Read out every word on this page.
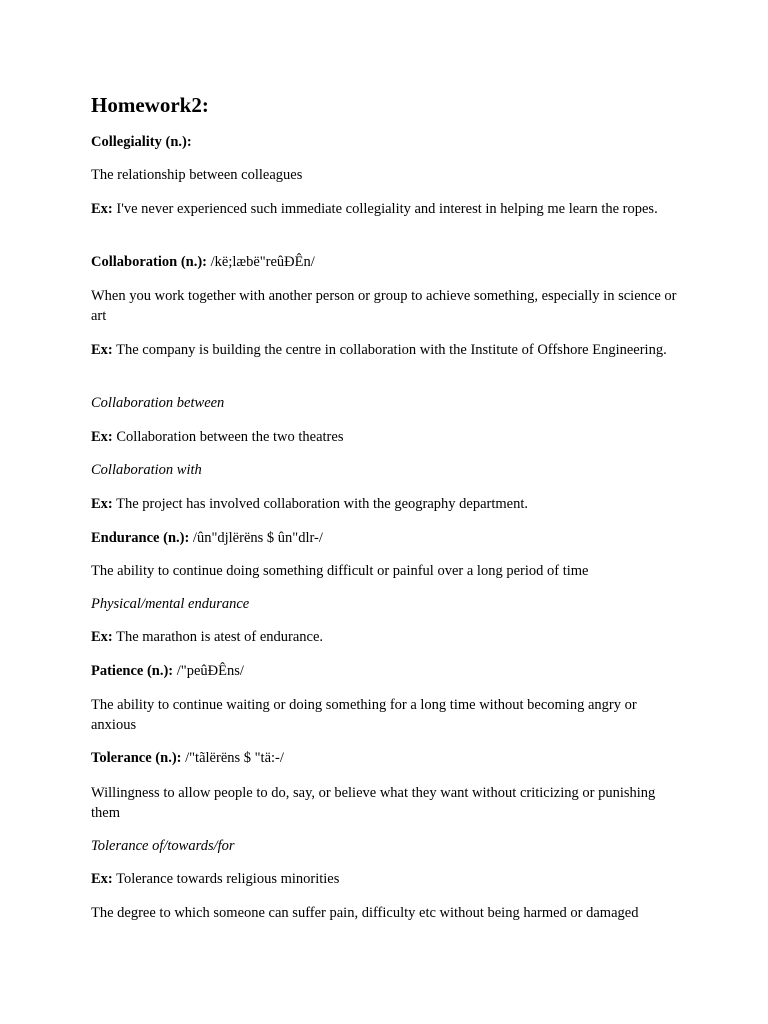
Homework2:

Collegiality (n.):

The relationship between colleagues

Ex: I've never experienced such immediate collegiality and interest in helping me learn the ropes.

Collaboration (n.): /kë;læbë"reûÐÊn/

When you work together with another person or group to achieve something, especially in science or art

Ex: The company is building the centre in collaboration with the Institute of Offshore Engineering.

Collaboration between

Ex: Collaboration between the two theatres

Collaboration with

Ex: The project has involved collaboration with the geography department.

Endurance (n.): /ûn"djlërëns $ ûn"dlr-/

The ability to continue doing something difficult or painful over a long period of time

Physical/mental endurance

Ex: The marathon is atest of endurance.

Patience (n.): /"peûÐÊns/

The ability to continue waiting or doing something for a long time without becoming angry or anxious

Tolerance (n.): /"tãlërëns $ "tä:-/

Willingness to allow people to do, say, or believe what they want without criticizing or punishing them

Tolerance of/towards/for

Ex: Tolerance towards religious minorities

The degree to which someone can suffer pain, difficulty etc without being harmed or damaged
